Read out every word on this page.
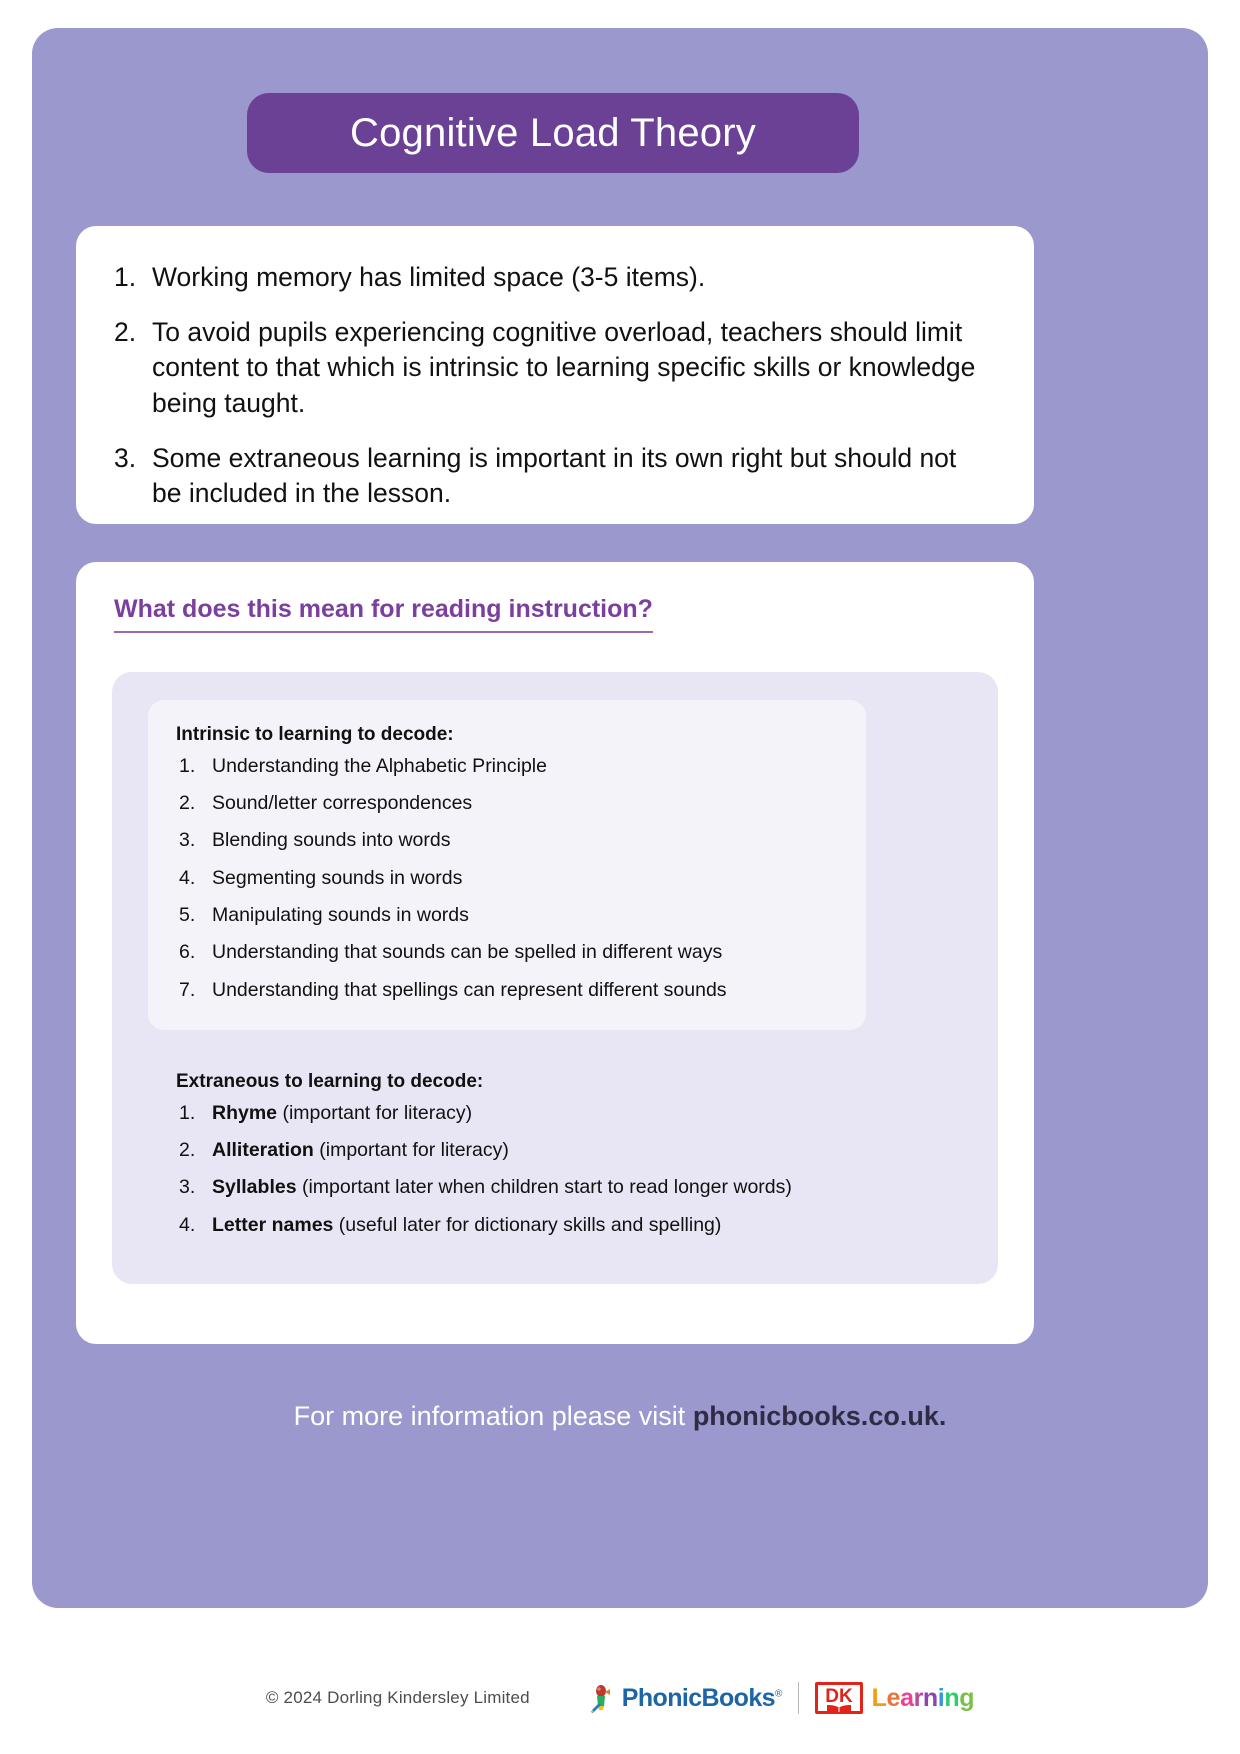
Cognitive Load Theory
Working memory has limited space (3-5 items).
To avoid pupils experiencing cognitive overload, teachers should limit content to that which is intrinsic to learning specific skills or knowledge being taught.
Some extraneous learning is important in its own right but should not be included in the lesson.
What does this mean for reading instruction?
Intrinsic to learning to decode:
Understanding the Alphabetic Principle
Sound/letter correspondences
Blending sounds into words
Segmenting sounds in words
Manipulating sounds in words
Understanding that sounds can be spelled in different ways
Understanding that spellings can represent different sounds
Extraneous to learning to decode:
Rhyme (important for literacy)
Alliteration (important for literacy)
Syllables (important later when children start to read longer words)
Letter names (useful later for dictionary skills and spelling)
For more information please visit phonicbooks.co.uk.
© 2024 Dorling Kindersley Limited	PhonicBooks®	DK Learning
